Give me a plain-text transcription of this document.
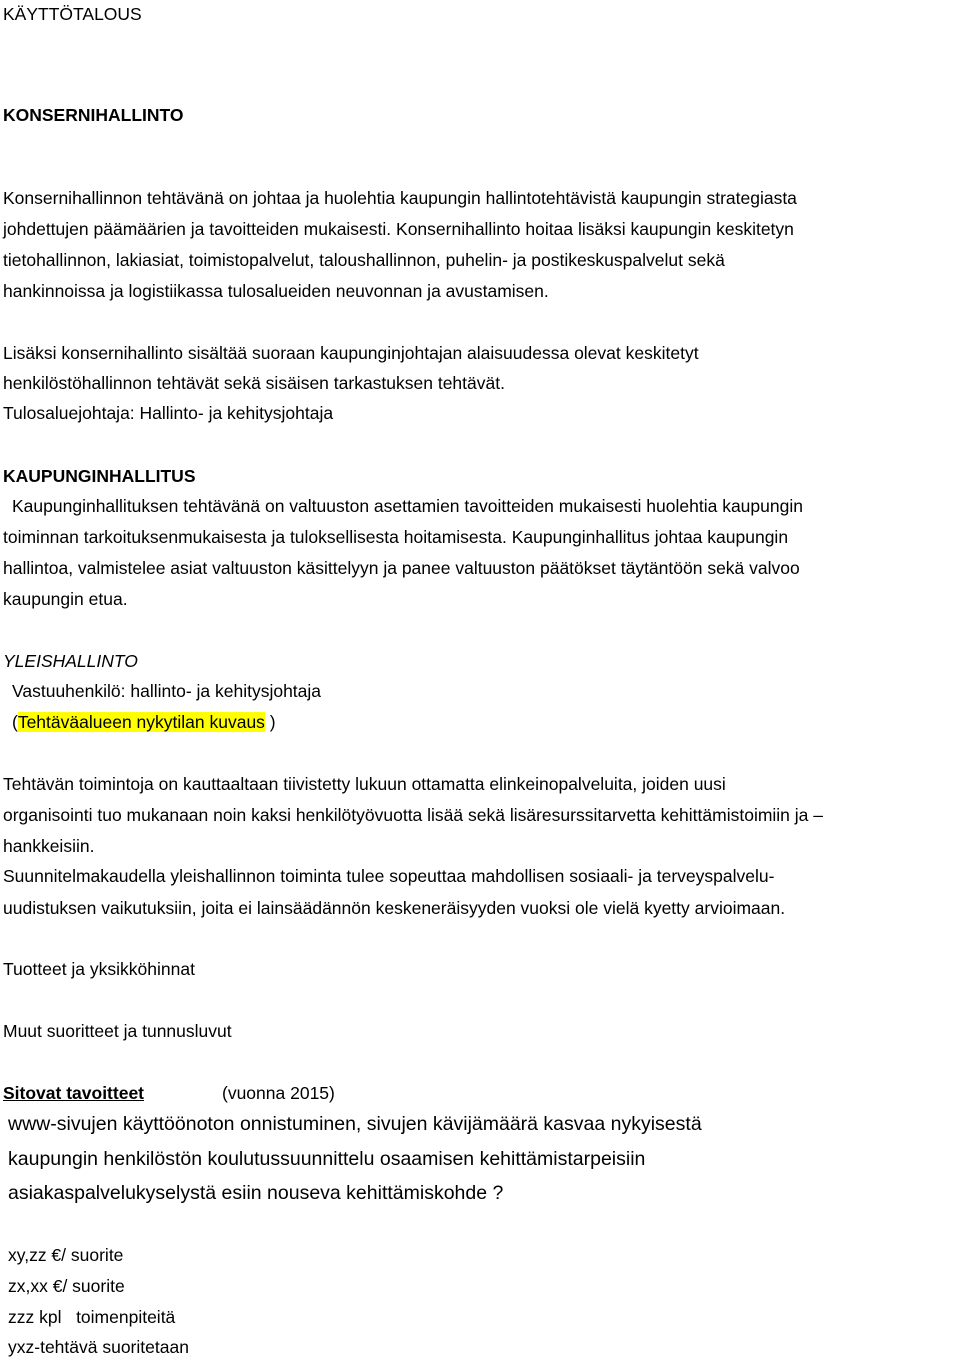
KÄYTTÖTALOUS
KONSERNIHALLINTO
Konsernihallinnon tehtävänä on johtaa ja huolehtia kaupungin hallintotehtävistä kaupungin strategiasta
johdettujen päämäärien ja tavoitteiden mukaisesti. Konsernihallinto hoitaa lisäksi kaupungin keskitetyn
tietohallinnon, lakiasiat, toimistopalvelut, taloushallinnon, puhelin- ja postikeskuspalvelut sekä
hankinnoissa ja logistiikassa tulosalueiden neuvonnan ja avustamisen.
Lisäksi konsernihallinto sisältää suoraan kaupunginjohtajan alaisuudessa olevat keskitetyt
henkilöstöhallinnon tehtävät sekä sisäisen tarkastuksen tehtävät.
Tulosaluejohtaja: Hallinto- ja kehitysjohtaja
KAUPUNGINHALLITUS
Kaupunginhallituksen tehtävänä on valtuuston asettamien tavoitteiden mukaisesti huolehtia kaupungin
toiminnan tarkoituksenmukaisesta ja tuloksellisesta hoitamisesta. Kaupunginhallitus johtaa kaupungin
hallintoa, valmistelee asiat valtuuston käsittelyyn ja panee valtuuston päätökset täytäntöön sekä valvoo
kaupungin etua.
YLEISHALLINTO
Vastuuhenkilö: hallinto- ja kehitysjohtaja
(Tehtäväalueen nykytilan kuvaus )
Tehtävän toimintoja on kauttaaltaan tiivistetty lukuun ottamatta elinkeinopalveluita, joiden uusi
organisointi tuo mukanaan noin kaksi henkilötyövuotta lisää sekä lisäresurssitarvetta kehittämistoimiin ja –
hankkeisiin.
Suunnitelmakaudella yleishallinnon toiminta tulee sopeuttaa mahdollisen sosiaali- ja terveyspalvelu-
uudistuksen vaikutuksiin, joita ei lainsäädännön keskeneräisyyden vuoksi ole vielä kyetty arvioimaan.
Tuotteet ja yksikköhinnat
Muut suoritteet ja tunnusluvut
Sitovat tavoitteet	(vuonna 2015)
www-sivujen käyttöönoton onnistuminen, sivujen kävijämäärä kasvaa nykyisestä
kaupungin henkilöstön koulutussuunnittelu osaamisen kehittämistarpeisiin
asiakaspalvelukyselystä esiin nouseva kehittämiskohde ?
xy,zz €/ suorite
zx,xx €/ suorite
zzz kpl   toimenpiteitä
yxz-tehtävä suoritetaan
